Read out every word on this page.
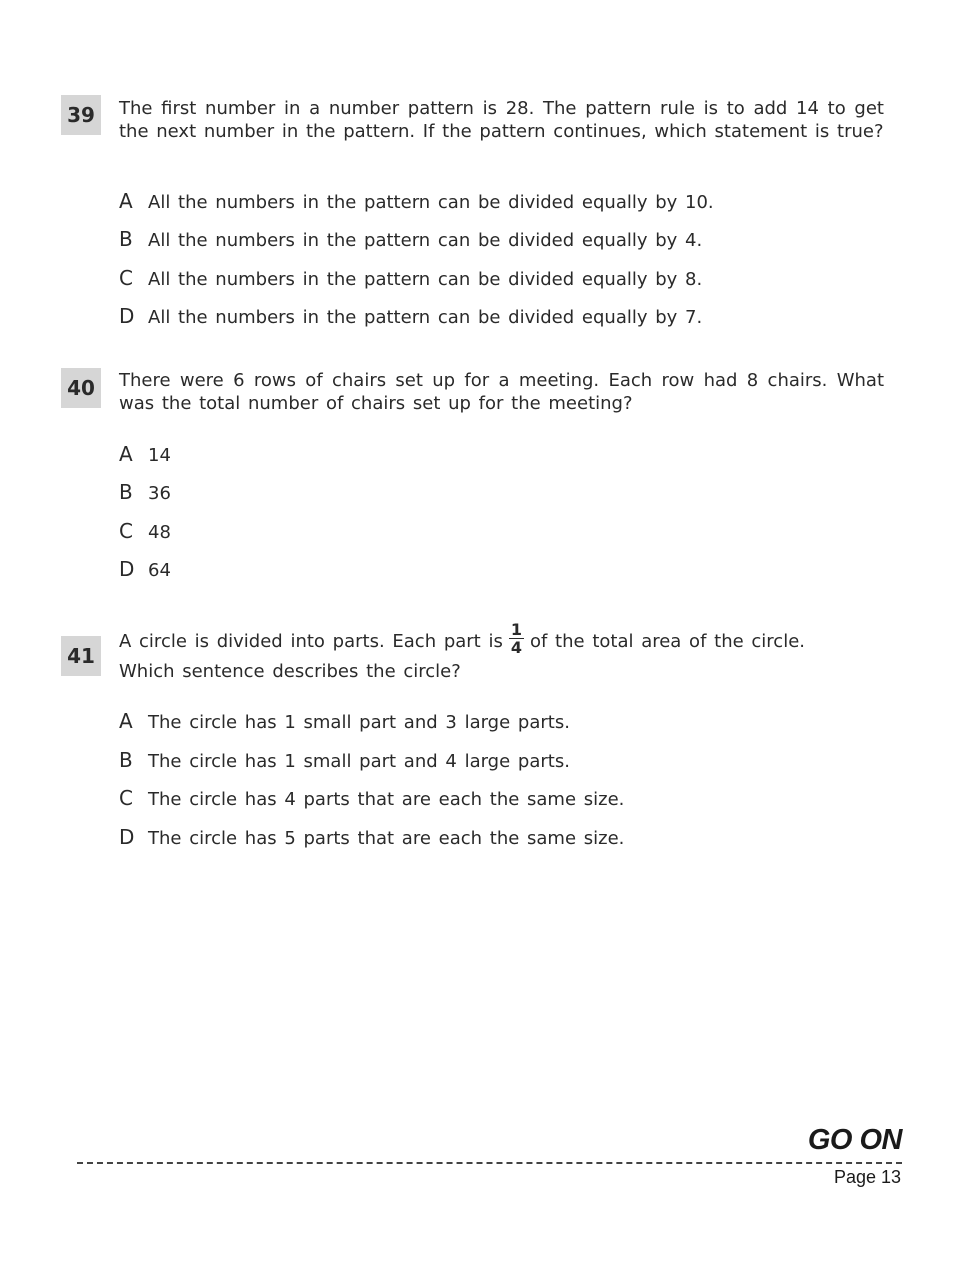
39	The first number in a number pattern is 28. The pattern rule is to add 14 to get the next number in the pattern. If the pattern continues, which statement is true?
A All the numbers in the pattern can be divided equally by 10.
B All the numbers in the pattern can be divided equally by 4.
C All the numbers in the pattern can be divided equally by 8.
D All the numbers in the pattern can be divided equally by 7.
40	There were 6 rows of chairs set up for a meeting. Each row had 8 chairs. What was the total number of chairs set up for the meeting?
A 14
B 36
C 48
D 64
41
A circle is divided into parts. Each part is $\frac{1}{4}$ of the total area of the circle.
Which sentence describes the circle?
A The circle has 1 small part and 3 large parts.
B The circle has 1 small part and 4 large parts.
C The circle has 4 parts that are each the same size.
D The circle has 5 parts that are each the same size.
GO ON
Page 13
